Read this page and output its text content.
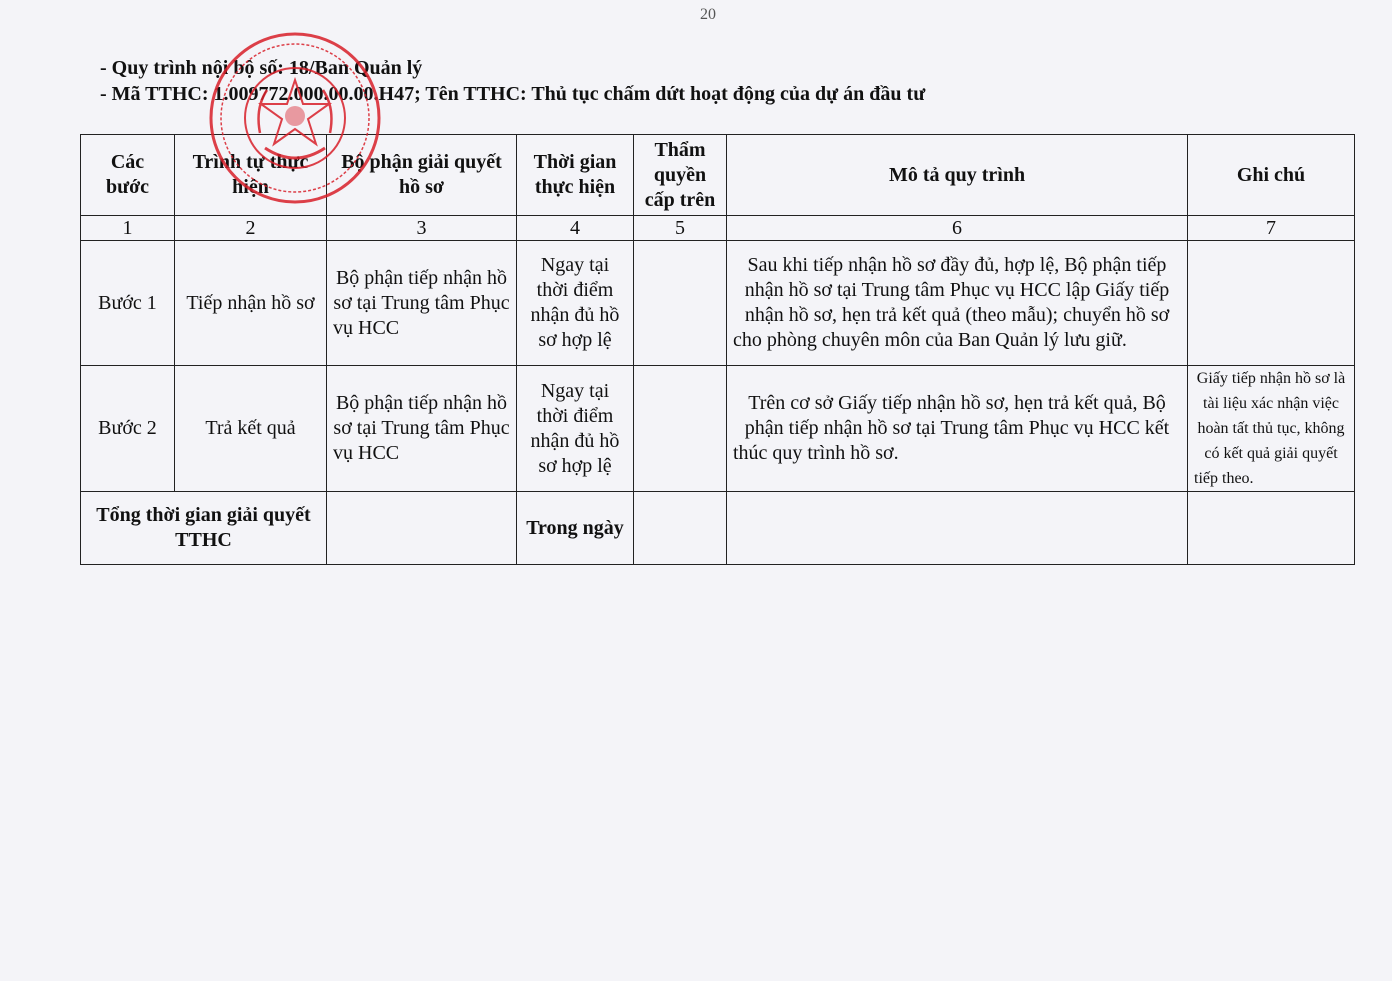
20
- Quy trình nội bộ số: 18/Ban Quản lý
- Mã TTHC: 1.009772.000.00.00.H47; Tên TTHC: Thủ tục chấm dứt hoạt động của dự án đầu tư
Các bước	Trình tự thực hiện	Bộ phận giải quyết hồ sơ	Thời gian thực hiện	Thẩm quyền cấp trên	Mô tả quy trình	Ghi chú
1	2	3	4	5	6	7
Bước 1	Tiếp nhận hồ sơ	Bộ phận tiếp nhận hồ sơ tại Trung tâm Phục vụ HCC	Ngay tại thời điểm nhận đủ hồ sơ hợp lệ		Sau khi tiếp nhận hồ sơ đầy đủ, hợp lệ, Bộ phận tiếp nhận hồ sơ tại Trung tâm Phục vụ HCC lập Giấy tiếp nhận hồ sơ, hẹn trả kết quả (theo mẫu); chuyển hồ sơ cho phòng chuyên môn của Ban Quản lý lưu giữ.	
Bước 2	Trả kết quả	Bộ phận tiếp nhận hồ sơ tại Trung tâm Phục vụ HCC	Ngay tại thời điểm nhận đủ hồ sơ hợp lệ		Trên cơ sở Giấy tiếp nhận hồ sơ, hẹn trả kết quả, Bộ phận tiếp nhận hồ sơ tại Trung tâm Phục vụ HCC kết thúc quy trình hồ sơ.	Giấy tiếp nhận hồ sơ là tài liệu xác nhận việc hoàn tất thủ tục, không có kết quả giải quyết tiếp theo.
Tổng thời gian giải quyết TTHC			Trong ngày			
